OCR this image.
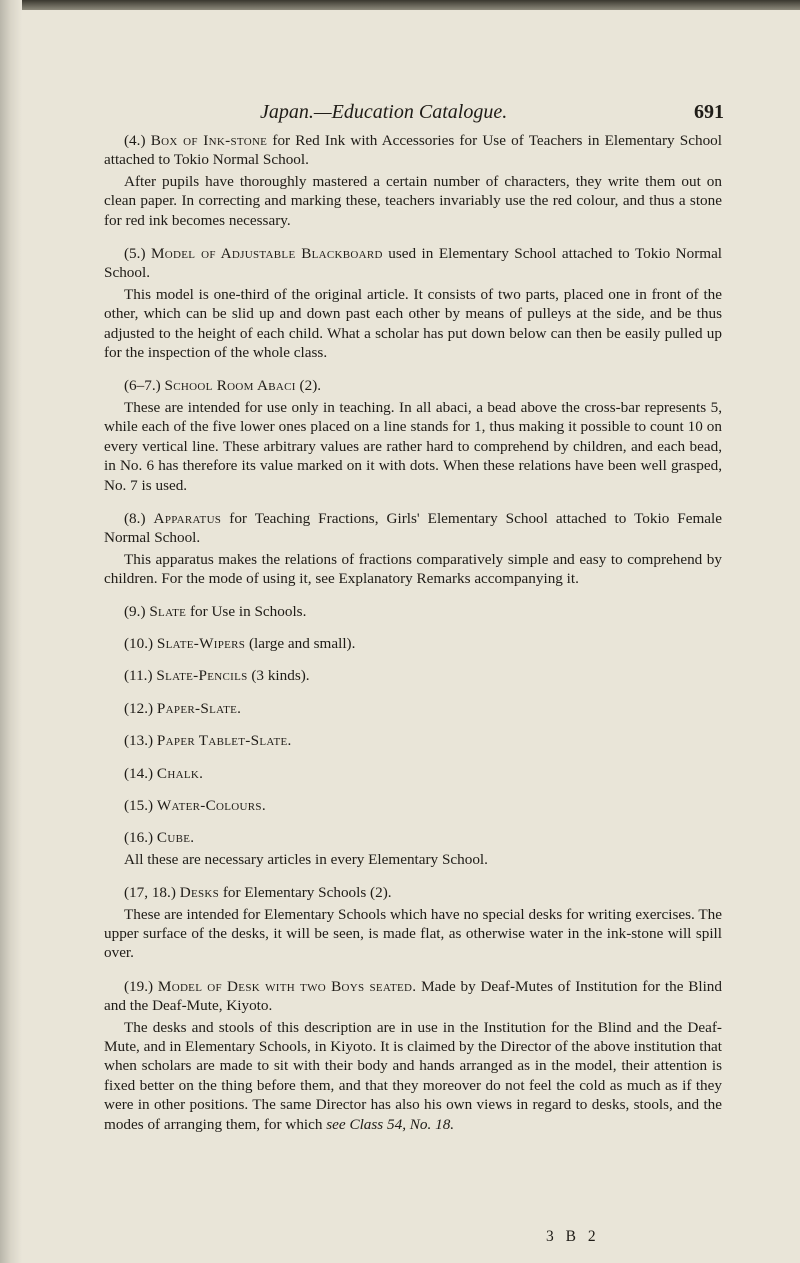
Japan.—Education Catalogue.	691

(4.) Box of Ink-stone for Red Ink with Accessories for Use of Teachers in Elementary School attached to Tokio Normal School.

After pupils have thoroughly mastered a certain number of characters, they write them out on clean paper. In correcting and marking these, teachers invariably use the red colour, and thus a stone for red ink becomes necessary.

(5.) Model of Adjustable Blackboard used in Elementary School attached to Tokio Normal School.

This model is one-third of the original article. It consists of two parts, placed one in front of the other, which can be slid up and down past each other by means of pulleys at the side, and be thus adjusted to the height of each child. What a scholar has put down below can then be easily pulled up for the inspection of the whole class.

(6–7.) School Room Abaci (2).

These are intended for use only in teaching. In all abaci, a bead above the cross-bar represents 5, while each of the five lower ones placed on a line stands for 1, thus making it possible to count 10 on every vertical line. These arbitrary values are rather hard to comprehend by children, and each bead, in No. 6 has therefore its value marked on it with dots. When these relations have been well grasped, No. 7 is used.

(8.) Apparatus for Teaching Fractions, Girls' Elementary School attached to Tokio Female Normal School.

This apparatus makes the relations of fractions comparatively simple and easy to comprehend by children. For the mode of using it, see Explanatory Remarks accompanying it.

(9.) Slate for Use in Schools.

(10.) Slate-Wipers (large and small).

(11.) Slate-Pencils (3 kinds).

(12.) Paper-Slate.

(13.) Paper Tablet-Slate.

(14.) Chalk.

(15.) Water-Colours.

(16.) Cube.

All these are necessary articles in every Elementary School.

(17, 18.) Desks for Elementary Schools (2).

These are intended for Elementary Schools which have no special desks for writing exercises. The upper surface of the desks, it will be seen, is made flat, as otherwise water in the ink-stone will spill over.

(19.) Model of Desk with two Boys seated. Made by Deaf-Mutes of Institution for the Blind and the Deaf-Mute, Kiyoto.

The desks and stools of this description are in use in the Institution for the Blind and the Deaf-Mute, and in Elementary Schools, in Kiyoto. It is claimed by the Director of the above institution that when scholars are made to sit with their body and hands arranged as in the model, their attention is fixed better on the thing before them, and that they moreover do not feel the cold as much as if they were in other positions. The same Director has also his own views in regard to desks, stools, and the modes of arranging them, for which see Class 54, No. 18.

3 B 2
